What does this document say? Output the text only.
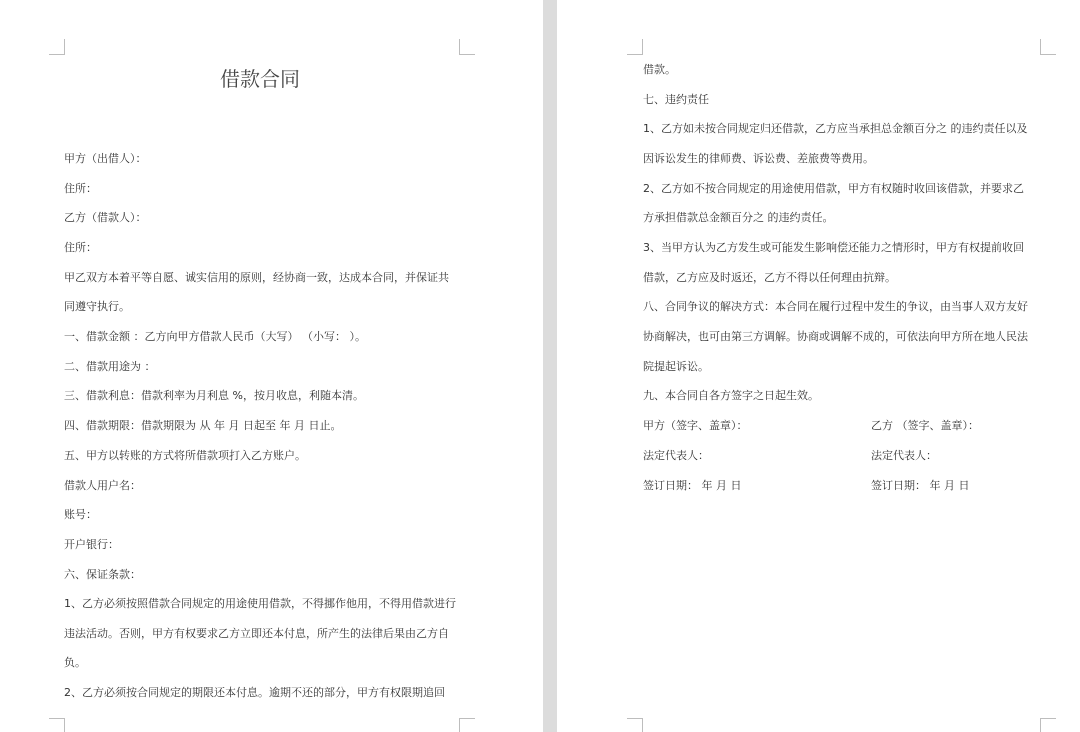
借款合同
甲方（出借人）：
住所：
乙方（借款人）：
住所：
甲乙双方本着平等自愿、诚实信用的原则，经协商一致，达成本合同，并保证共
同遵守执行。
一、借款金额 ：乙方向甲方借款人民币（大写） （小写： ）。
二、借款用途为 ：
三、借款利息：借款利率为月利息 %，按月收息，利随本清。
四、借款期限：借款期限为 从 年 月 日起至 年 月 日止。
五、甲方以转账的方式将所借款项打入乙方账户。
借款人用户名：
账号：
开户银行：
六、保证条款：
1、乙方必须按照借款合同规定的用途使用借款，不得挪作他用，不得用借款进行
违法活动。否则，甲方有权要求乙方立即还本付息，所产生的法律后果由乙方自
负。
2、乙方必须按合同规定的期限还本付息。逾期不还的部分，甲方有权限期追回
借款。
七、违约责任
1、乙方如未按合同规定归还借款，乙方应当承担总金额百分之 的违约责任以及
因诉讼发生的律师费、诉讼费、差旅费等费用。
2、乙方如不按合同规定的用途使用借款，甲方有权随时收回该借款，并要求乙
方承担借款总金额百分之 的违约责任。
3、当甲方认为乙方发生或可能发生影响偿还能力之情形时，甲方有权提前收回
借款，乙方应及时返还，乙方不得以任何理由抗辩。
八、合同争议的解决方式：本合同在履行过程中发生的争议，由当事人双方友好
协商解决，也可由第三方调解。协商或调解不成的，可依法向甲方所在地人民法
院提起诉讼。
九、本合同自各方签字之日起生效。
甲方（签字、盖章）：	乙方 （签字、盖章）：
法定代表人：	法定代表人：
签订日期： 年 月 日	签订日期： 年 月 日
